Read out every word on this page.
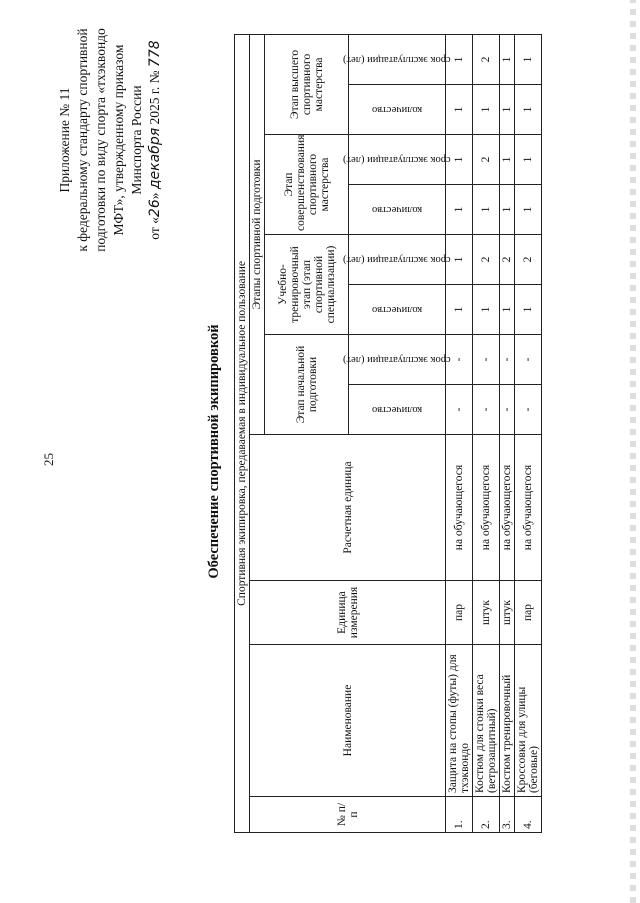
25
Приложение № 11 к федеральному стандарту спортивной подготовки по виду спорта «тхэквондо МФТ», утвержденному приказом Минспорта России
от «26» декабря 2025 г. № 778
Обеспечение спортивной экипировкой Спортивная экипировка, передаваемая в индивидуальное пользование											
№ п/п	Наименование	Единица измерения	Расчетная единица	Этапы спортивной подготовки							
				Этап начальной подготовки		Учебно-тренировочный этап (этап спортивной специализации)		Этап совершенствования спортивного мастерства		Этап высшего спортивного мастерства	

				количество	срок эксплуатации (лет)	количество	срок эксплуатации (лет)	количество	срок эксплуатации (лет)	количество	срок эксплуатации (лет)

1.	Защита на стопы (футы) для тхэквондо	пар	на обучающегося	-	-	1	1	1	1	1	1
2.	Костюм для сгонки веса (ветрозащитный)	штук	на обучающегося	-	-	1	2	1	2	1	2
3.	Костюм тренировочный	штук	на обучающегося	-	-	1	2	1	1	1	1
4.	Кроссовки для улицы (беговые)	пар	на обучающегося	-	-	1	2	1	1	1	1
